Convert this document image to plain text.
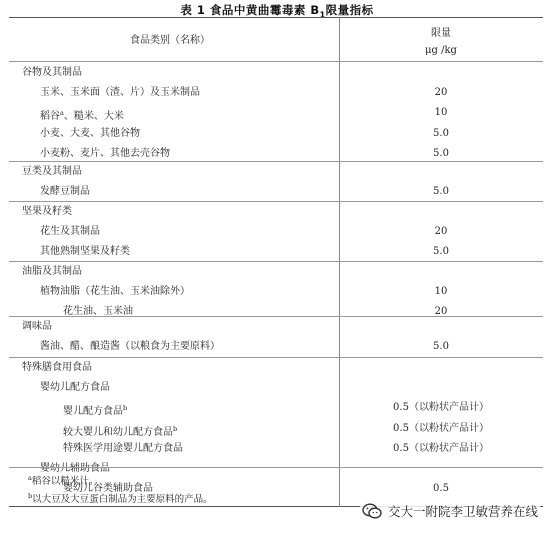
表 1 食品中黄曲霉毒素 $B_1$限量指标
食品类别（名称）
限量
μg /kg
谷物及其制品
玉米、玉米面（渣、片）及玉米制品	20
稻谷$^a$、糙米、大米	10
小麦、大麦、其他谷物	5.0
小麦粉、麦片、其他去壳谷物	5.0
豆类及其制品
发酵豆制品	5.0
坚果及籽类
花生及其制品	20
其他熟制坚果及籽类	5.0
油脂及其制品
植物油脂（花生油、玉米油除外）	10
花生油、玉米油	20
调味品
酱油、醋、酿造酱（以粮食为主要原料）	5.0
特殊膳食用食品
婴幼儿配方食品
婴儿配方食品$^b$	0.5（以粉状产品计）
较大婴儿和幼儿配方食品$^b$	0.5（以粉状产品计）
特殊医学用途婴儿配方食品	0.5（以粉状产品计）
婴幼儿辅助食品
婴幼儿谷类辅助食品	0.5
$^a$稻谷以糙米计。
$^b$以大豆及大豆蛋白制品为主要原料的产品。
交大一附院李卫敏营养在线
